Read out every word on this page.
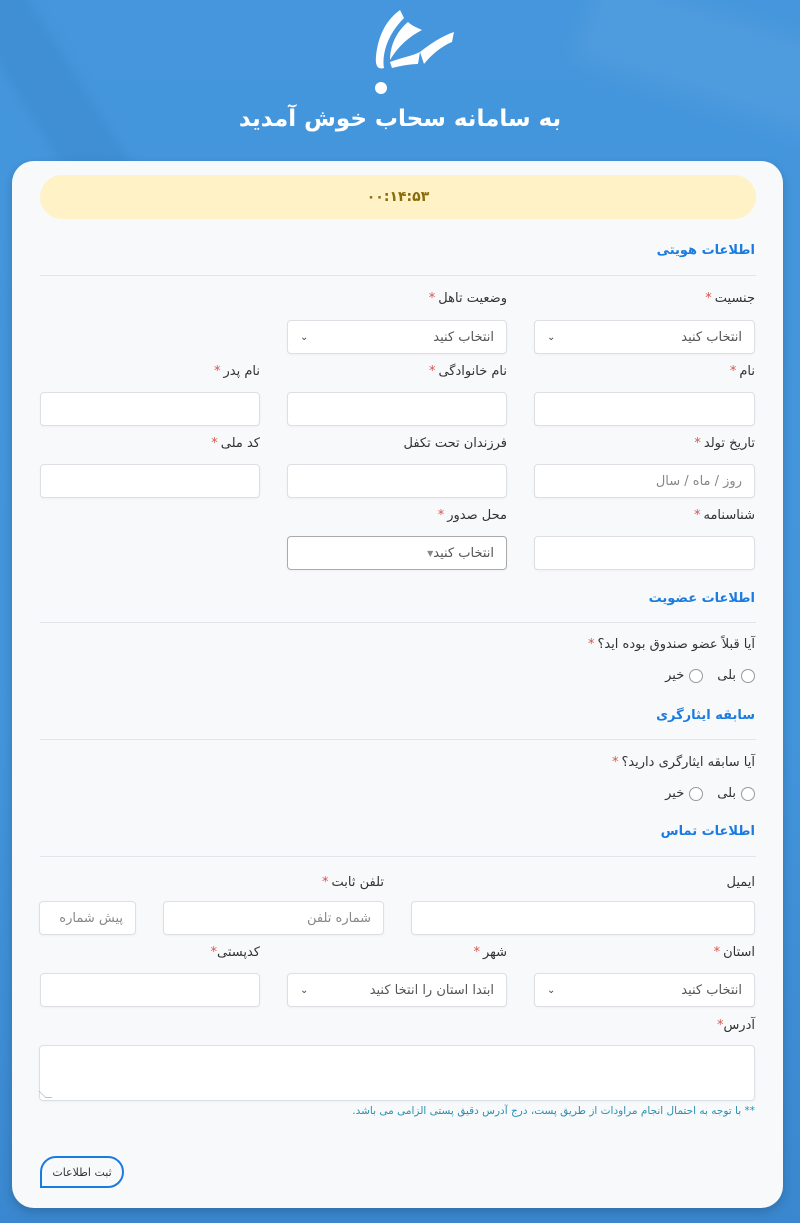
به سامانه سحاب خوش آمدید
۰۰:۱۴:۵۳
اطلاعات هویتی
جنسیت*
انتخاب کنید
⌄
وضعیت تاهل*
انتخاب کنید
⌄
نام*
نام خانوادگی*
نام پدر*
تاریخ تولد*
روز / ماه / سال
فرزندان تحت تکفل
کد ملی*
شناسنامه*
محل صدور*
انتخاب کنید
▼
اطلاعات عضویت
آیا قبلاً عضو صندوق بوده اید؟*
بلی
خیر
سابقه ایثارگری
آیا سابقه ایثارگری دارید؟*
بلی
خیر
اطلاعات تماس
ایمیل
تلفن ثابت*
شماره تلفن
پیش شماره
استان*
انتخاب کنید
⌄
شهر*
ابتدا استان را انتخا کنید
⌄
کدپستی*
آدرس*
** با توجه به احتمال انجام مراودات از طریق پست، درج آدرس دقیق پستی الزامی می باشد.
ثبت اطلاعات
